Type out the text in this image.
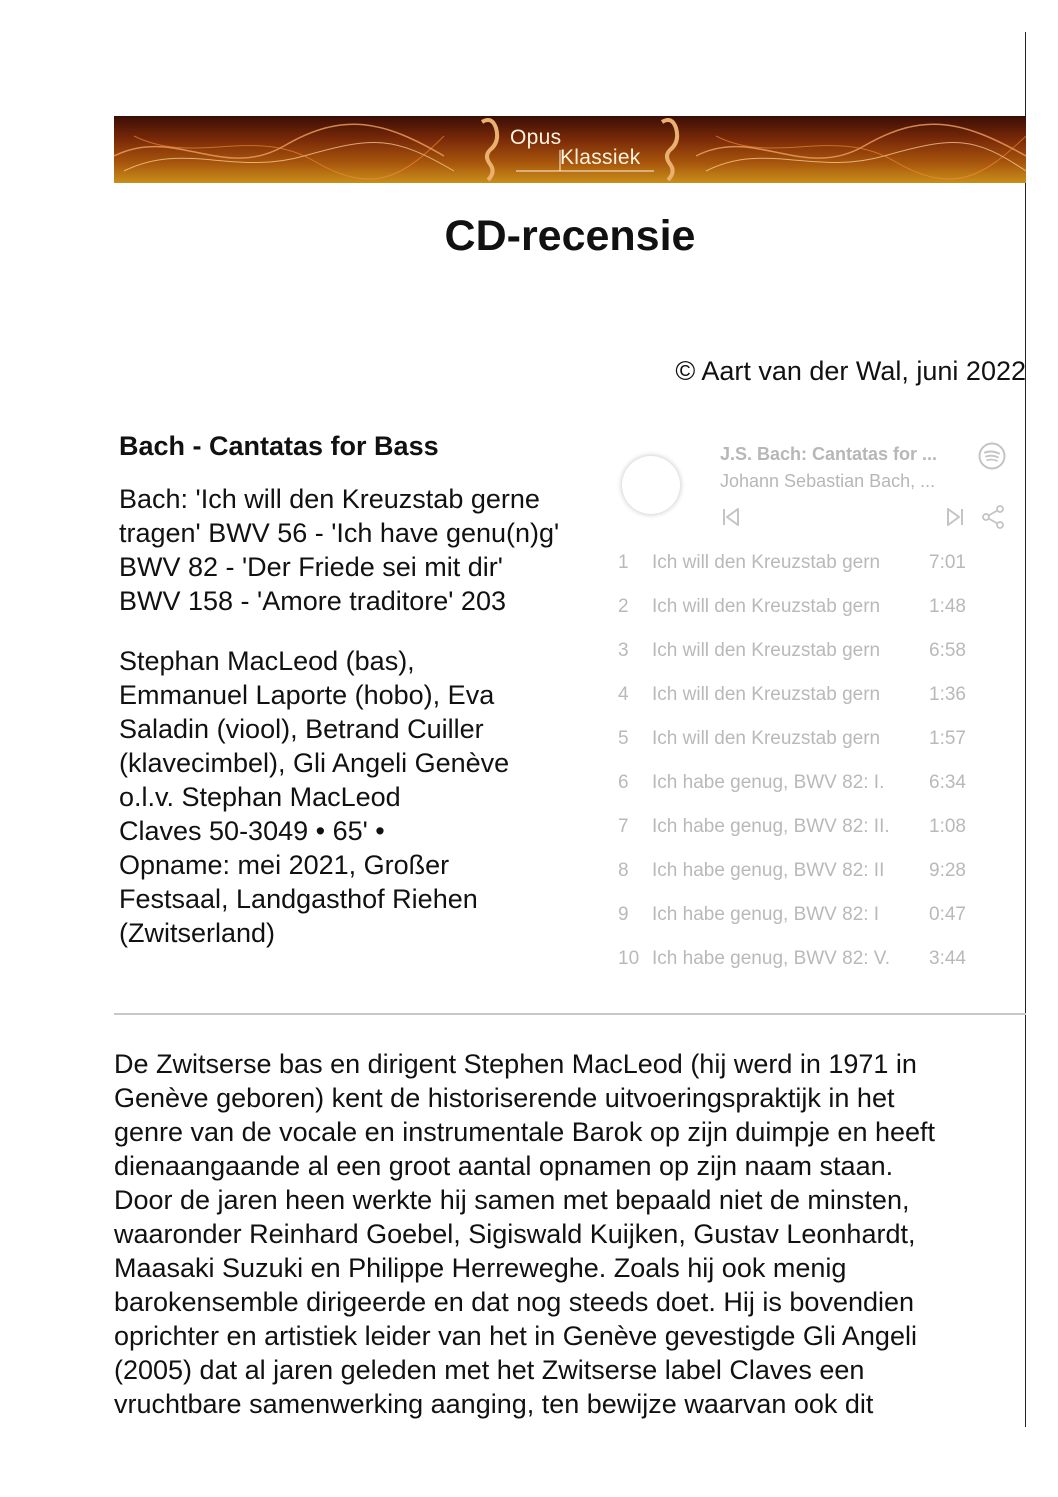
Opus
Klassiek
CD-recensie
© Aart van der Wal, juni 2022

Bach - Cantatas for Bass

Bach: 'Ich will den Kreuzstab gerne tragen' BWV 56 - 'Ich have genu(n)g' BWV 82 - 'Der Friede sei mit dir' BWV 158 - 'Amore traditore' 203

Stephan MacLeod (bas),
Emmanuel Laporte (hobo), Eva
Saladin (viool), Betrand Cuiller
(klavecimbel), Gli Angeli Genève
o.l.v. Stephan MacLeod
Claves 50-3049 • 65' •
Opname: mei 2021, Großer
Festsaal, Landgasthof Riehen
(Zwitserland)

J.S. Bach: Cantatas for ...
Johann Sebastian Bach, ...
1 Ich will den Kreuzstab gern	7:01
2 Ich will den Kreuzstab gern	1:48
3 Ich will den Kreuzstab gern	6:58
4 Ich will den Kreuzstab gern	1:36
5 Ich will den Kreuzstab gern	1:57
6 Ich habe genug, BWV 82: I.	6:34
7 Ich habe genug, BWV 82: II.	1:08
8 Ich habe genug, BWV 82: II	9:28
9 Ich habe genug, BWV 82: I	0:47
10 Ich habe genug, BWV 82: V.	3:44

De Zwitserse bas en dirigent Stephen MacLeod (hij werd in 1971 in
Genève geboren) kent de historiserende uitvoeringspraktijk in het
genre van de vocale en instrumentale Barok op zijn duimpje en heeft
dienaangaande al een groot aantal opnamen op zijn naam staan.
Door de jaren heen werkte hij samen met bepaald niet de minsten,
waaronder Reinhard Goebel, Sigiswald Kuijken, Gustav Leonhardt,
Maasaki Suzuki en Philippe Herreweghe. Zoals hij ook menig
barokensemble dirigeerde en dat nog steeds doet. Hij is bovendien
oprichter en artistiek leider van het in Genève gevestigde Gli Angeli
(2005) dat al jaren geleden met het Zwitserse label Claves een
vruchtbare samenwerking aanging, ten bewijze waarvan ook dit
